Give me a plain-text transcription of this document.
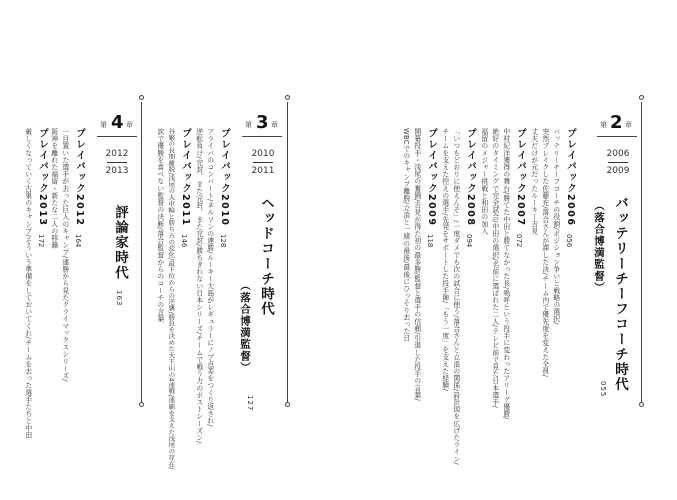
第 2 章
2006
2009
バッテリーチーフコーチ時代
（落合博満監督）
055
プレイバック2006
056
バッテリーチーフコーチの役割/ポジション争いと戦略の選択/
突然ブレイクした佐藤充/落合さんが課した決/チーム内で優先度を変えた全員/
丈夫だけが元だったルーキー吉見
プレイバック2007
072
中村紀洋獲得の舞台/勝てた中田と勝てなかった長/嗚呼という投手に変わったアリーグ優勝/
絶好のタイミングで完全試合/中田の選択/名前に選ばれた二人/テレビ前で見た日本選手/
福留のメジャー挑戦と和田の加入
プレイバック2008
094
「いつもどおりに使えんぞ」/一度ダメでも次の試合に使う/落合さんと立浪の関係/設計図を広げたライン/
チームを支えた控えの選手/先発をサポートした投手陣/「もう一度」を支えた経験/
プレイバック2009
118
開幕投手・浅尾の奮闘/吉見が得た初の最多勝/監督と選手の信頼/引退した投手の言葉/
WBCでのキャンプ離脱/立浪と一緒の最後/最後にひっそり去った日
第 3 章
2010
2011
ヘッドコーチ時代
（落合博満監督）
127
プレイバック2010
128
アライバのコンバート/ネルソンの連勝/ルーキー大島がレギュラーにノブ点差をつくり返され/
逆転負け/完封、また完封、また完封/勝ちきれない日本シリーズ/チームで戦う力のポストシーズン/
プレイバック2011
146
谷繁の長期離脱/浅尾の大車輪と勝ち方の変化/最下位からの逆襲/勝負を決めた天王山の4連戦/連覇を支えた浅尾の存在/
涙で優勝を喜べない監督の決断/落合監督からのコーチの言葉
第 4 章
2012
2013
評論家時代
163
プレイバック2012
164
一目置いた選手が去った巨人のキャンプ/連勝から見たクライマックスシリーズ/
阪神を離れた福留・新たな二人の移籍
プレイバック2013
172
厳しくなっていく古巣のキャンプ/そういう準備をしておいてくれ/チームを去った選手たちと中田
